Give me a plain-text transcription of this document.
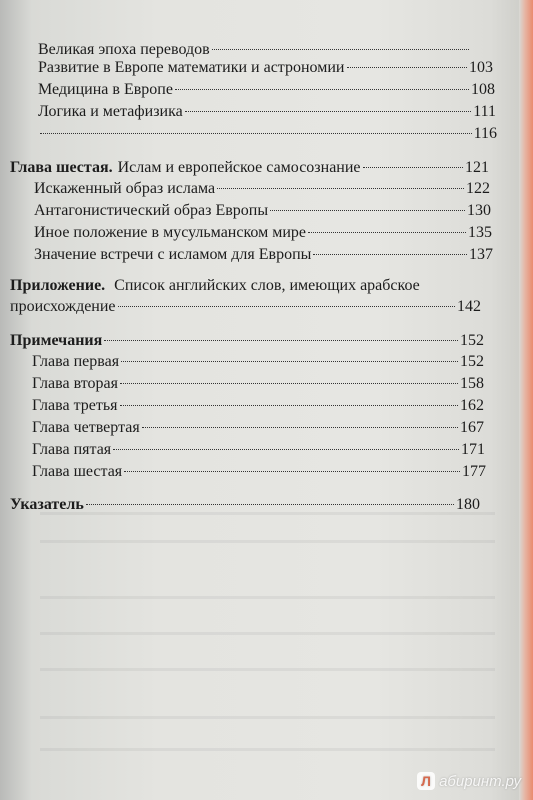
Великая эпоха переводов
Развитие в Европе математики и астрономии	103
Медицина в Европе	108
Логика и метафизика	111
116
Глава шестая. Ислам и европейское самосознание	121
Искаженный образ ислама	122
Антагонистический образ Европы	130
Иное положение в мусульманском мире	135
Значение встречи с исламом для Европы	137
Приложение. Список английских слов, имеющих арабское
происхождение	142
Примечания	152
Глава первая	152
Глава вторая	158
Глава третья	162
Глава четвертая	167
Глава пятая	171
Глава шестая	177
Указатель	180
Л абиринт.ру
